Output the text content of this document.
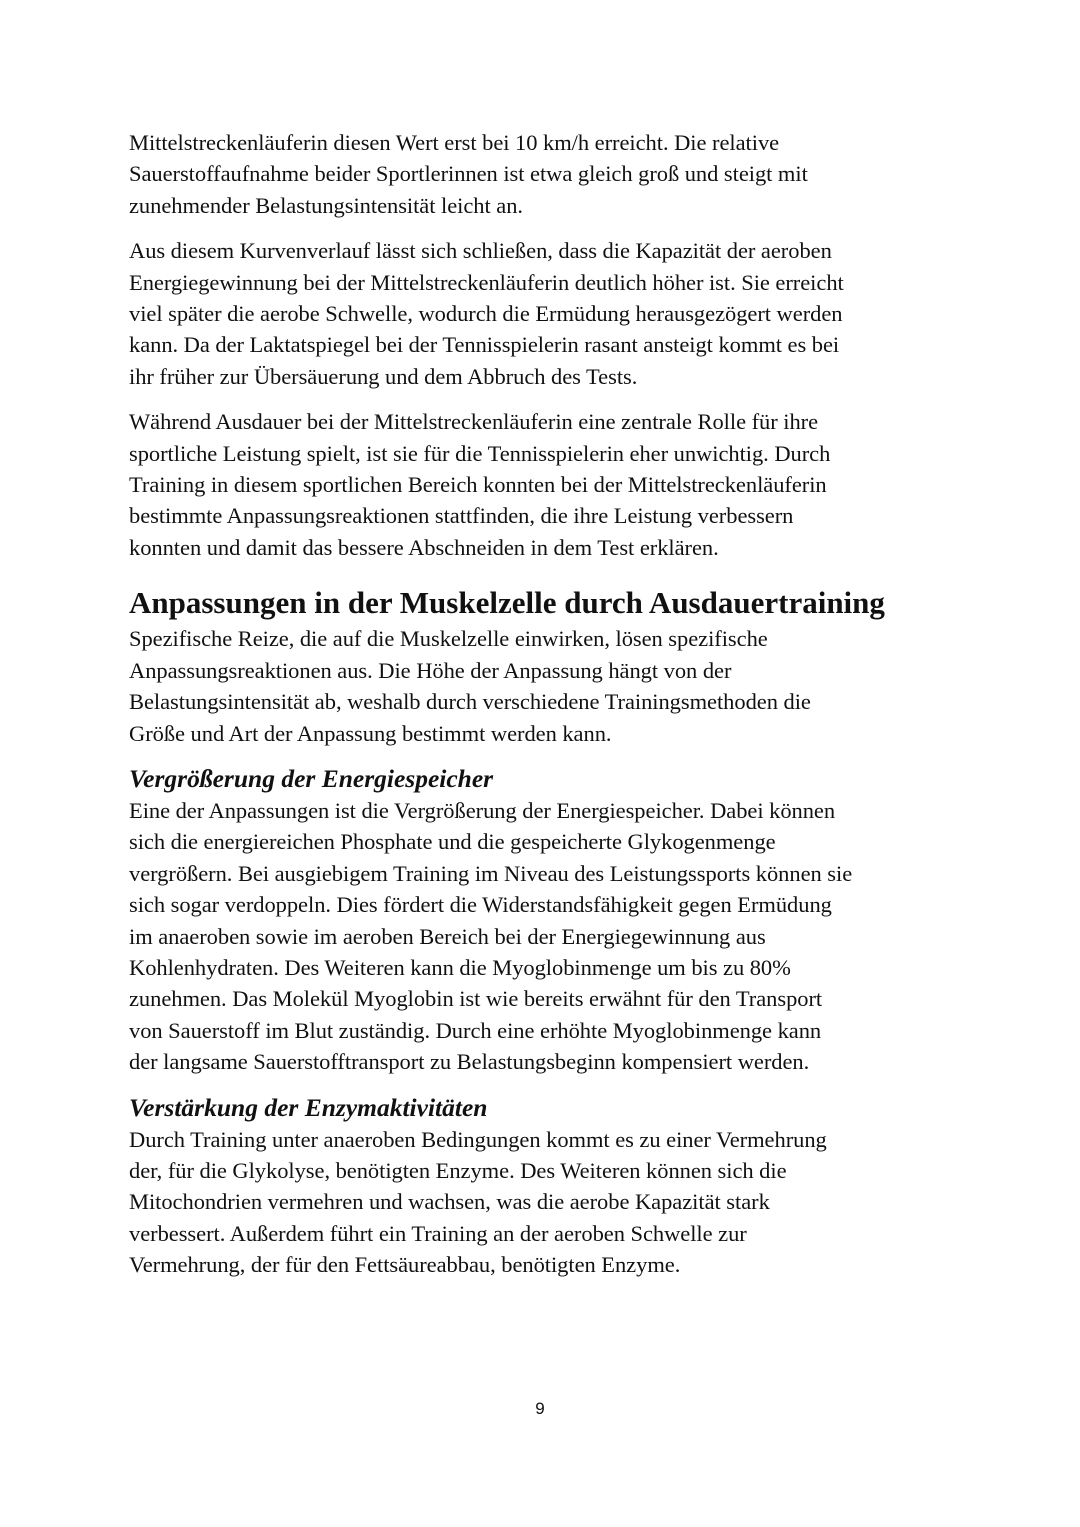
Mittelstreckenläuferin diesen Wert erst bei 10 km/h erreicht. Die relative
Sauerstoffaufnahme beider Sportlerinnen ist etwa gleich groß und steigt mit
zunehmender Belastungsintensität leicht an.

Aus diesem Kurvenverlauf lässt sich schließen, dass die Kapazität der aeroben
Energiegewinnung bei der Mittelstreckenläuferin deutlich höher ist. Sie erreicht
viel später die aerobe Schwelle, wodurch die Ermüdung herausgezögert werden
kann. Da der Laktatspiegel bei der Tennisspielerin rasant ansteigt kommt es bei
ihr früher zur Übersäuerung und dem Abbruch des Tests.

Während Ausdauer bei der Mittelstreckenläuferin eine zentrale Rolle für ihre
sportliche Leistung spielt, ist sie für die Tennisspielerin eher unwichtig. Durch
Training in diesem sportlichen Bereich konnten bei der Mittelstreckenläuferin
bestimmte Anpassungsreaktionen stattfinden, die ihre Leistung verbessern
konnten und damit das bessere Abschneiden in dem Test erklären.

Anpassungen in der Muskelzelle durch Ausdauertraining

Spezifische Reize, die auf die Muskelzelle einwirken, lösen spezifische
Anpassungsreaktionen aus. Die Höhe der Anpassung hängt von der
Belastungsintensität ab, weshalb durch verschiedene Trainingsmethoden die
Größe und Art der Anpassung bestimmt werden kann.

Vergrößerung der Energiespeicher

Eine der Anpassungen ist die Vergrößerung der Energiespeicher. Dabei können
sich die energiereichen Phosphate und die gespeicherte Glykogenmenge
vergrößern. Bei ausgiebigem Training im Niveau des Leistungssports können sie
sich sogar verdoppeln. Dies fördert die Widerstandsfähigkeit gegen Ermüdung
im anaeroben sowie im aeroben Bereich bei der Energiegewinnung aus
Kohlenhydraten. Des Weiteren kann die Myoglobinmenge um bis zu 80%
zunehmen. Das Molekül Myoglobin ist wie bereits erwähnt für den Transport
von Sauerstoff im Blut zuständig. Durch eine erhöhte Myoglobinmenge kann
der langsame Sauerstofftransport zu Belastungsbeginn kompensiert werden.

Verstärkung der Enzymaktivitäten

Durch Training unter anaeroben Bedingungen kommt es zu einer Vermehrung
der, für die Glykolyse, benötigten Enzyme. Des Weiteren können sich die
Mitochondrien vermehren und wachsen, was die aerobe Kapazität stark
verbessert. Außerdem führt ein Training an der aeroben Schwelle zur
Vermehrung, der für den Fettsäureabbau, benötigten Enzyme.

9
